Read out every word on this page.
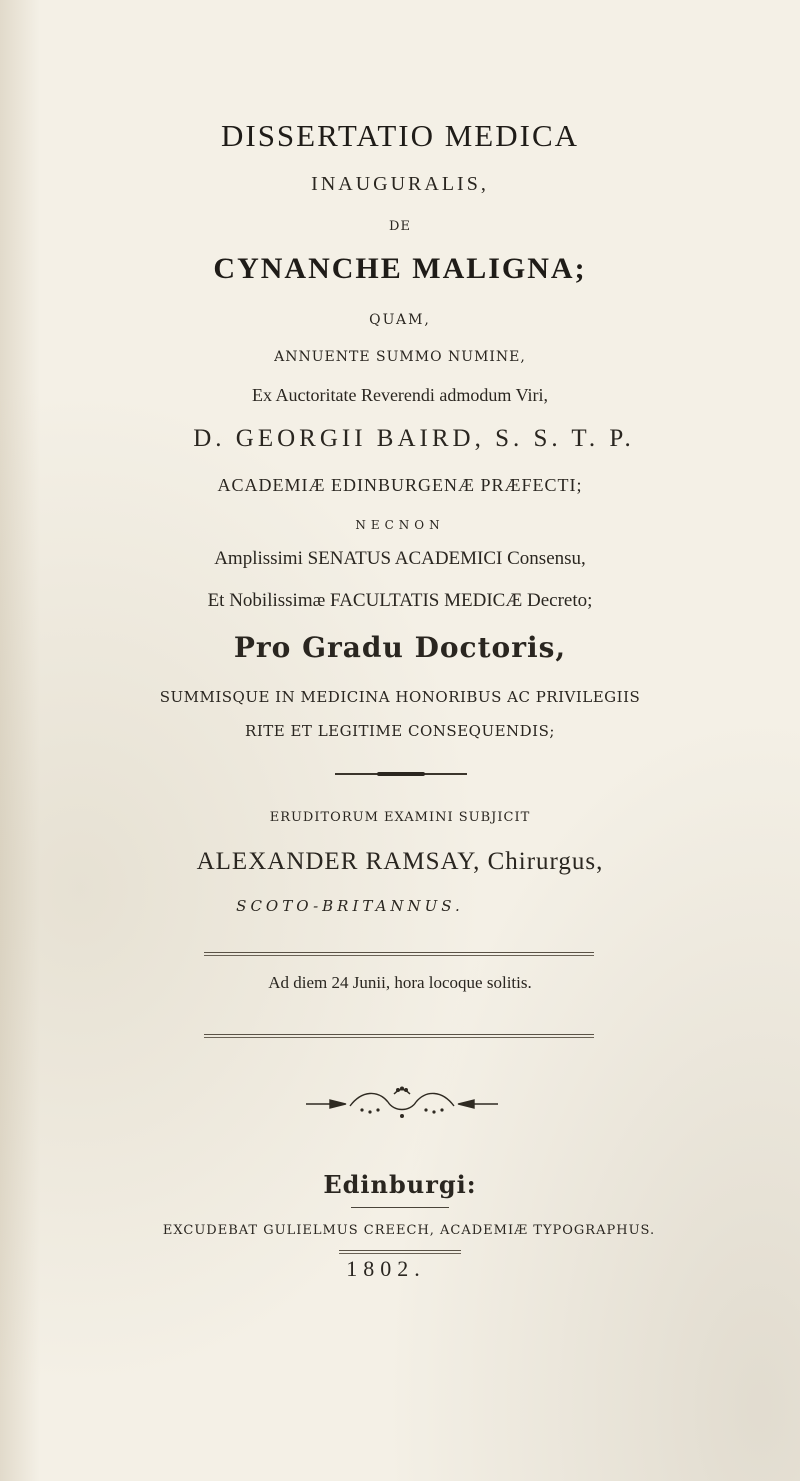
DISSERTATIO MEDICA
INAUGURALIS,
DE
CYNANCHE MALIGNA;
QUAM,
ANNUENTE SUMMO NUMINE,
Ex Auctoritate Reverendi admodum Viri,
D. GEORGII BAIRD, S. S. T. P.
ACADEMIÆ EDINBURGENÆ PRÆFECTI;
NECNON
Amplissimi SENATUS ACADEMICI Consensu,
Et Nobilissimæ FACULTATIS MEDICÆ Decreto;
Pro Gradu Doctoris,
SUMMISQUE IN MEDICINA HONORIBUS AC PRIVILEGIIS
RITE ET LEGITIME CONSEQUENDIS;
ERUDITORUM EXAMINI SUBJICIT
ALEXANDER RAMSAY, Chirurgus,
SCOTO-BRITANNUS.
Ad diem 24 Junii, hora locoque solitis.
Edinburgi:
EXCUDEBAT GULIELMUS CREECH, ACADEMIÆ TYPOGRAPHUS.
1802.
